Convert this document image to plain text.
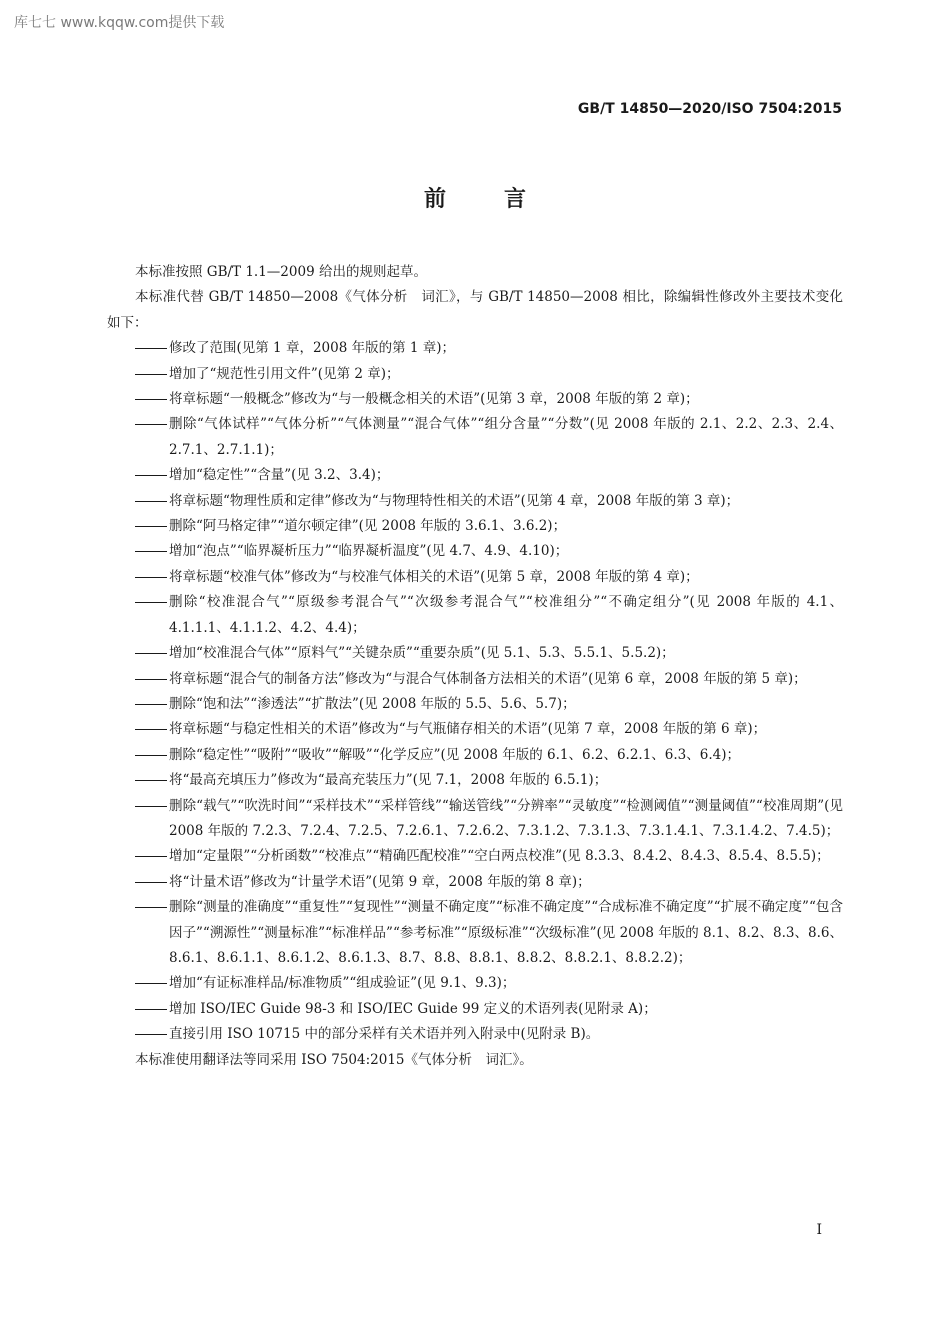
库七七 www.kqqw.com提供下载
GB/T 14850—2020/ISO 7504:2015
前言

本标准按照 GB/T 1.1—2009 给出的规则起草。

本标准代替 GB/T 14850—2008《气体分析　词汇》，与 GB/T 14850—2008 相比，除编辑性修改外主要技术变化如下：

修改了范围(见第 1 章，2008 年版的第 1 章)；
增加了“规范性引用文件”(见第 2 章)；
将章标题“一般概念”修改为“与一般概念相关的术语”(见第 3 章，2008 年版的第 2 章)；
删除“气体试样”“气体分析”“气体测量”“混合气体”“组分含量”“分数”(见 2008 年版的 2.1、2.2、2.3、2.4、2.7.1、2.7.1.1)；
增加“稳定性”“含量”(见 3.2、3.4)；
将章标题“物理性质和定律”修改为“与物理特性相关的术语”(见第 4 章，2008 年版的第 3 章)；
删除“阿马格定律”“道尔顿定律”(见 2008 年版的 3.6.1、3.6.2)；
增加“泡点”“临界凝析压力”“临界凝析温度”(见 4.7、4.9、4.10)；
将章标题“校准气体”修改为“与校准气体相关的术语”(见第 5 章，2008 年版的第 4 章)；
删除“校准混合气”“原级参考混合气”“次级参考混合气”“校准组分”“不确定组分”(见 2008 年版的 4.1、4.1.1.1、4.1.1.2、4.2、4.4)；
增加“校准混合气体”“原料气”“关键杂质”“重要杂质”(见 5.1、5.3、5.5.1、5.5.2)；
将章标题“混合气的制备方法”修改为“与混合气体制备方法相关的术语”(见第 6 章，2008 年版的第 5 章)；
删除“饱和法”“渗透法”“扩散法”(见 2008 年版的 5.5、5.6、5.7)；
将章标题“与稳定性相关的术语”修改为“与气瓶储存相关的术语”(见第 7 章，2008 年版的第 6 章)；
删除“稳定性”“吸附”“吸收”“解吸”“化学反应”(见 2008 年版的 6.1、6.2、6.2.1、6.3、6.4)；
将“最高充填压力”修改为“最高充装压力”(见 7.1，2008 年版的 6.5.1)；
删除“载气”“吹洗时间”“采样技术”“采样管线”“输送管线”“分辨率”“灵敏度”“检测阈值”“测量阈值”“校准周期”(见 2008 年版的 7.2.3、7.2.4、7.2.5、7.2.6.1、7.2.6.2、7.3.1.2、7.3.1.3、7.3.1.4.1、7.3.1.4.2、7.4.5)；
增加“定量限”“分析函数”“校准点”“精确匹配校准”“空白两点校准”(见 8.3.3、8.4.2、8.4.3、8.5.4、8.5.5)；
将“计量术语”修改为“计量学术语”(见第 9 章，2008 年版的第 8 章)；
删除“测量的准确度”“重复性”“复现性”“测量不确定度”“标准不确定度”“合成标准不确定度”“扩展不确定度”“包含因子”“溯源性”“测量标准”“标准样品”“参考标准”“原级标准”“次级标准”(见 2008 年版的 8.1、8.2、8.3、8.6、8.6.1、8.6.1.1、8.6.1.2、8.6.1.3、8.7、8.8、8.8.1、8.8.2、8.8.2.1、8.8.2.2)；
增加“有证标准样品/标准物质”“组成验证”(见 9.1、9.3)；
增加 ISO/IEC Guide 98-3 和 ISO/IEC Guide 99 定义的术语列表(见附录 A)；
直接引用 ISO 10715 中的部分采样有关术语并列入附录中(见附录 B)。

本标准使用翻译法等同采用 ISO 7504:2015《气体分析　词汇》。

I
